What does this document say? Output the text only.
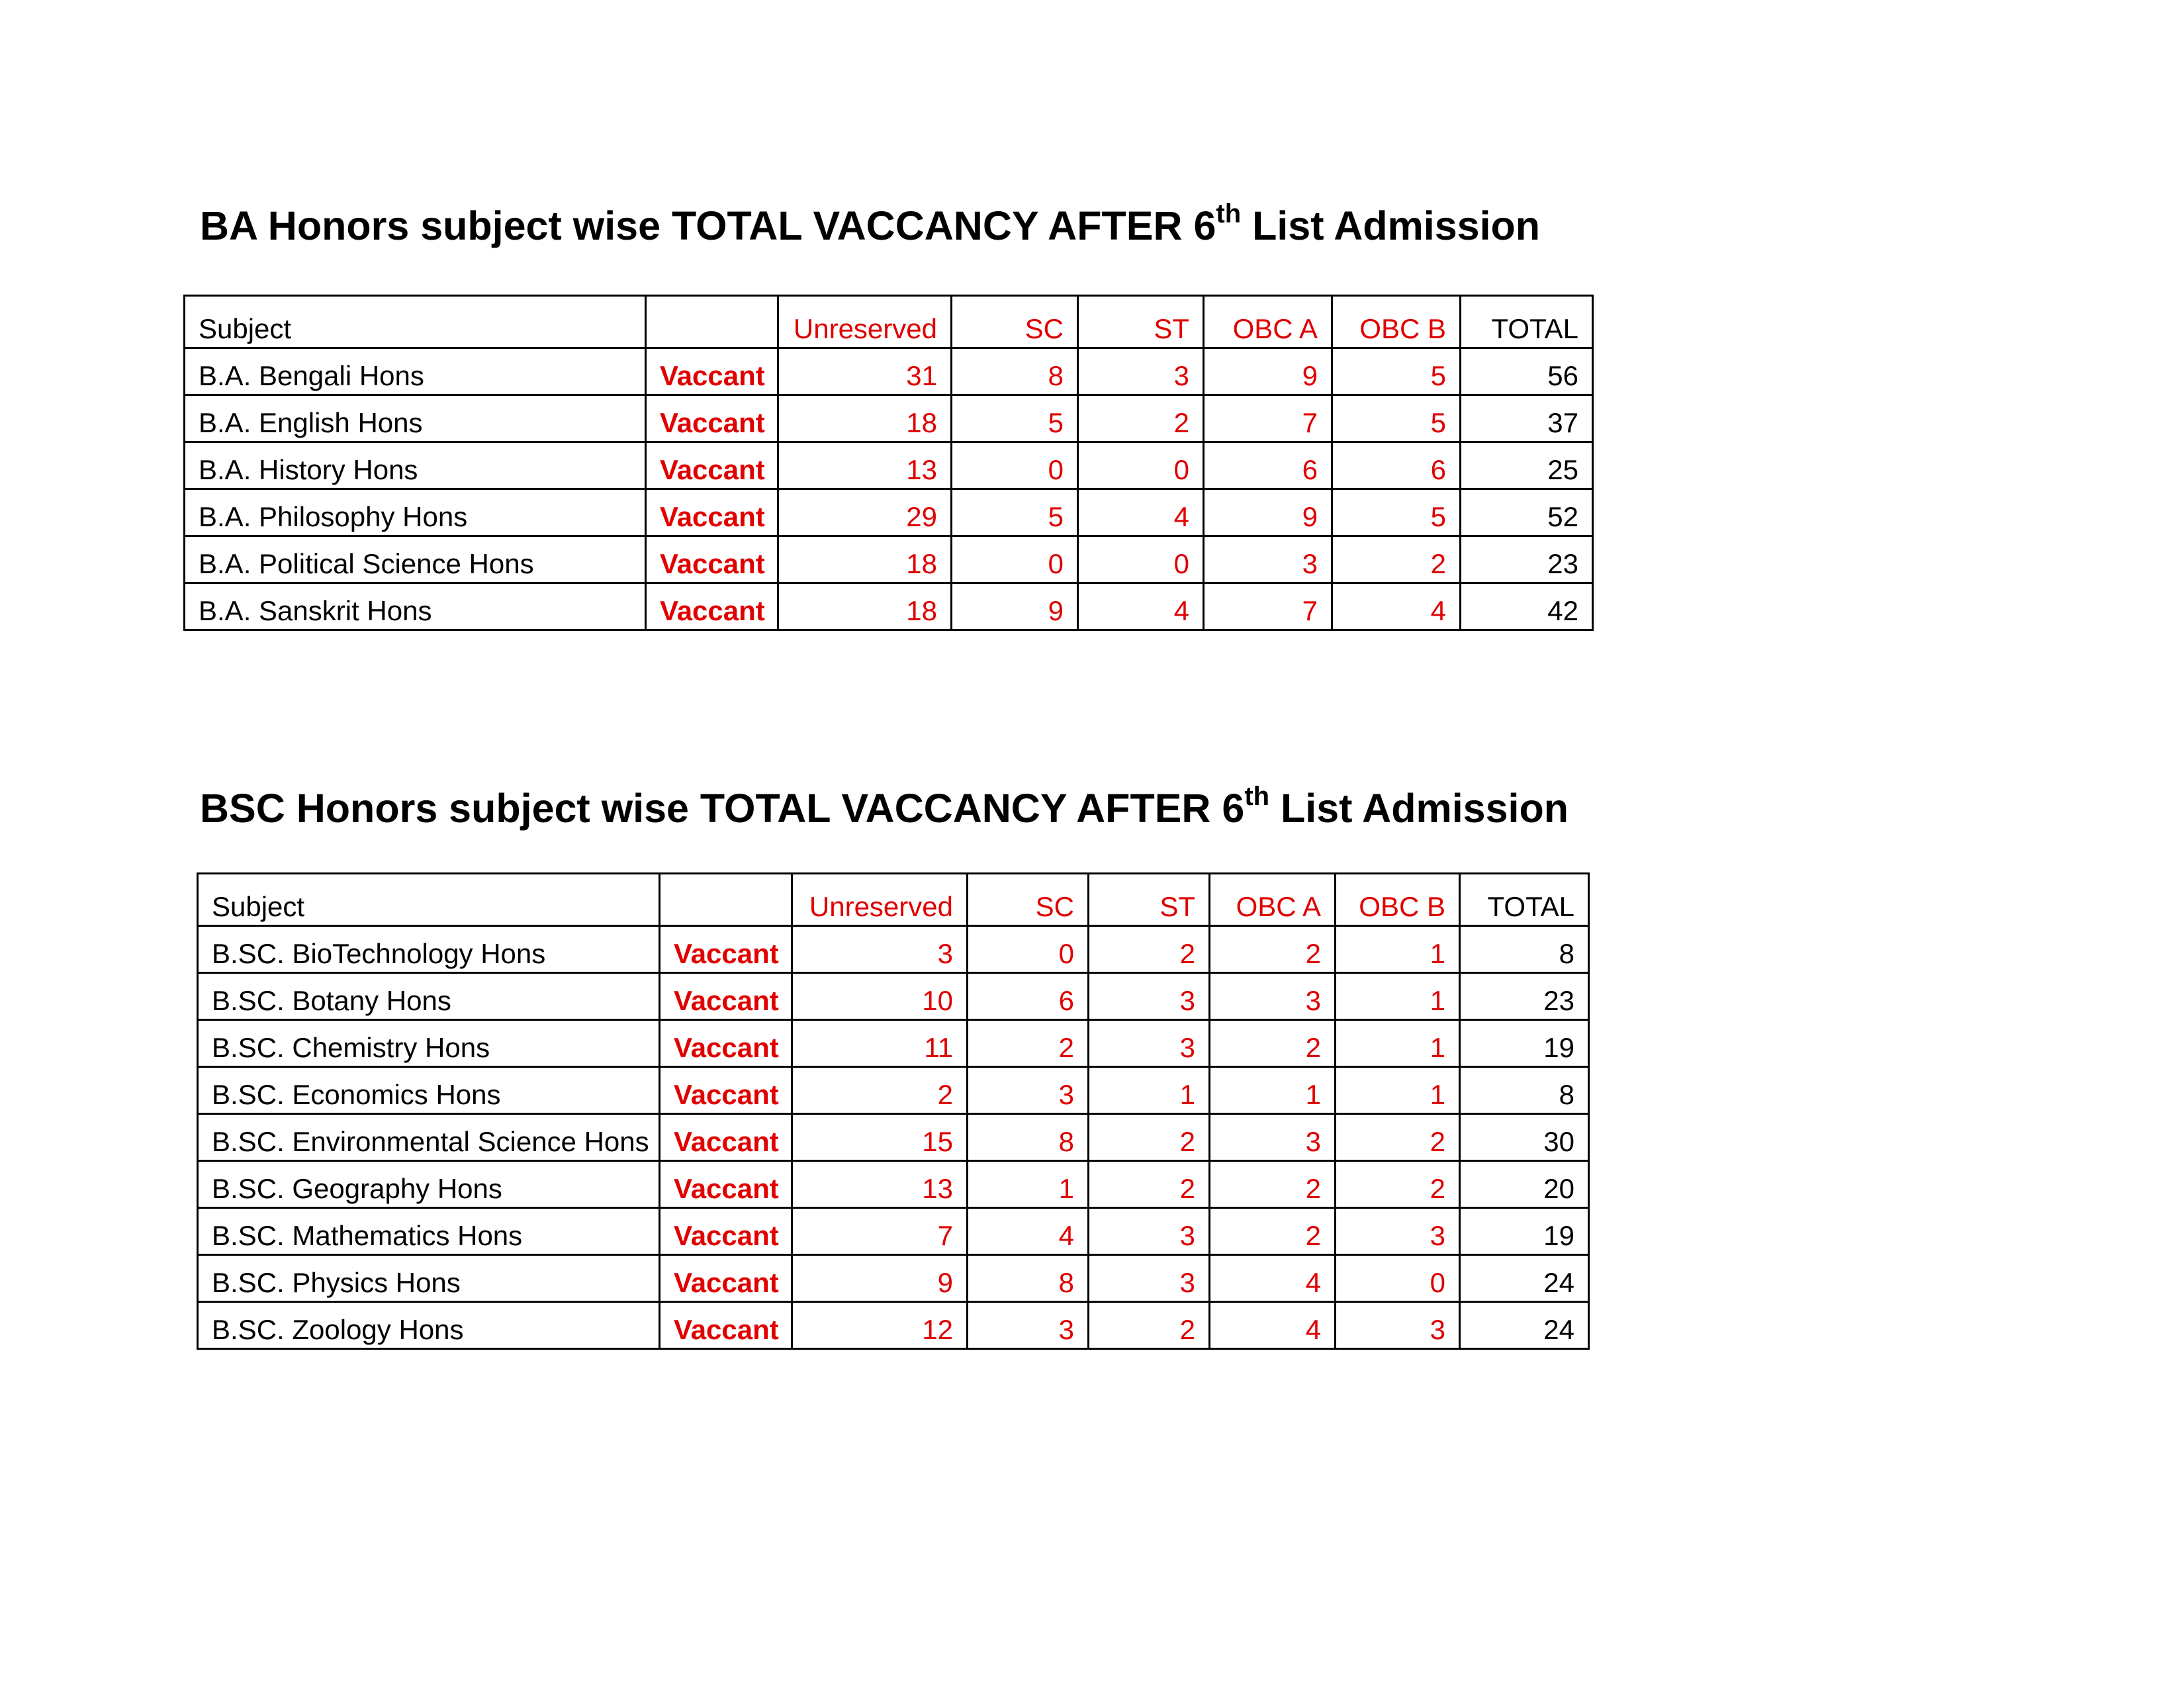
BA Honors subject wise TOTAL VACCANCY AFTER 6th List Admission
Subject		Unreserved	SC	ST	OBC A	OBC B	TOTAL
B.A. Bengali Hons	Vaccant	31	8	3	9	5	56
B.A. English Hons	Vaccant	18	5	2	7	5	37
B.A. History Hons	Vaccant	13	0	0	6	6	25
B.A. Philosophy Hons	Vaccant	29	5	4	9	5	52
B.A. Political Science Hons	Vaccant	18	0	0	3	2	23
B.A. Sanskrit Hons	Vaccant	18	9	4	7	4	42
BSC Honors subject wise TOTAL VACCANCY AFTER 6th List Admission
Subject		Unreserved	SC	ST	OBC A	OBC B	TOTAL
B.SC. BioTechnology Hons	Vaccant	3	0	2	2	1	8
B.SC. Botany Hons	Vaccant	10	6	3	3	1	23
B.SC. Chemistry Hons	Vaccant	11	2	3	2	1	19
B.SC. Economics Hons	Vaccant	2	3	1	1	1	8
B.SC. Environmental Science Hons	Vaccant	15	8	2	3	2	30
B.SC. Geography Hons	Vaccant	13	1	2	2	2	20
B.SC. Mathematics Hons	Vaccant	7	4	3	2	3	19
B.SC. Physics Hons	Vaccant	9	8	3	4	0	24
B.SC. Zoology Hons	Vaccant	12	3	2	4	3	24
